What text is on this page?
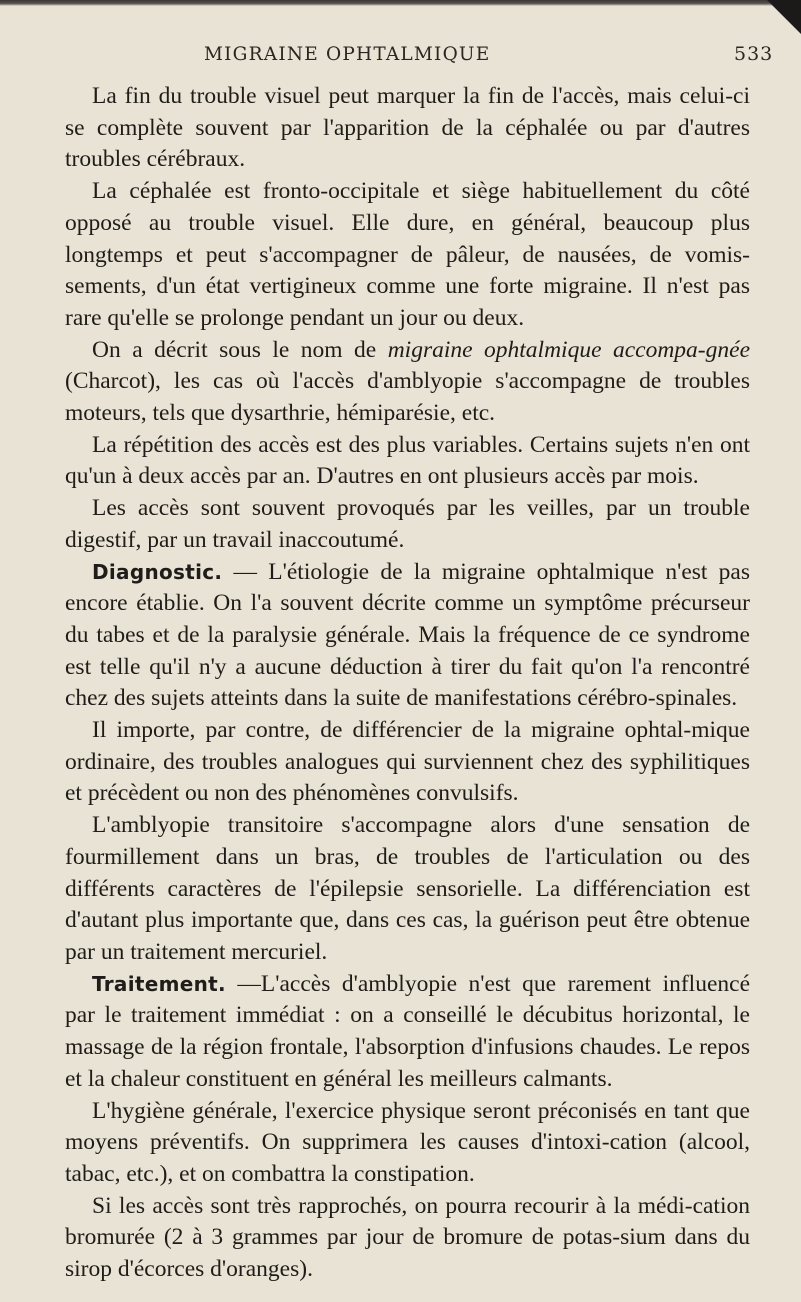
MIGRAINE OPHTALMIQUE	533

La fin du trouble visuel peut marquer la fin de l'accès, mais celui-ci se complète souvent par l'apparition de la céphalée ou par d'autres troubles cérébraux.

La céphalée est fronto-occipitale et siège habituellement du côté opposé au trouble visuel. Elle dure, en général, beaucoup plus longtemps et peut s'accompagner de pâleur, de nausées, de vomis-sements, d'un état vertigineux comme une forte migraine. Il n'est pas rare qu'elle se prolonge pendant un jour ou deux.

On a décrit sous le nom de migraine ophtalmique accompa-gnée (Charcot), les cas où l'accès d'amblyopie s'accompagne de troubles moteurs, tels que dysarthrie, hémiparésie, etc.

La répétition des accès est des plus variables. Certains sujets n'en ont qu'un à deux accès par an. D'autres en ont plusieurs accès par mois.

Les accès sont souvent provoqués par les veilles, par un trouble digestif, par un travail inaccoutumé.

Diagnostic. — L'étiologie de la migraine ophtalmique n'est pas encore établie. On l'a souvent décrite comme un symptôme précurseur du tabes et de la paralysie générale. Mais la fréquence de ce syndrome est telle qu'il n'y a aucune déduction à tirer du fait qu'on l'a rencontré chez des sujets atteints dans la suite de manifestations cérébro-spinales.

Il importe, par contre, de différencier de la migraine ophtal-mique ordinaire, des troubles analogues qui surviennent chez des syphilitiques et précèdent ou non des phénomènes convulsifs.

L'amblyopie transitoire s'accompagne alors d'une sensation de fourmillement dans un bras, de troubles de l'articulation ou des différents caractères de l'épilepsie sensorielle. La différenciation est d'autant plus importante que, dans ces cas, la guérison peut être obtenue par un traitement mercuriel.

Traitement. —L'accès d'amblyopie n'est que rarement influencé par le traitement immédiat : on a conseillé le décubitus horizontal, le massage de la région frontale, l'absorption d'infusions chaudes. Le repos et la chaleur constituent en général les meilleurs calmants.

L'hygiène générale, l'exercice physique seront préconisés en tant que moyens préventifs. On supprimera les causes d'intoxi-cation (alcool, tabac, etc.), et on combattra la constipation.

Si les accès sont très rapprochés, on pourra recourir à la médi-cation bromurée (2 à 3 grammes par jour de bromure de potas-sium dans du sirop d'écorces d'oranges).
